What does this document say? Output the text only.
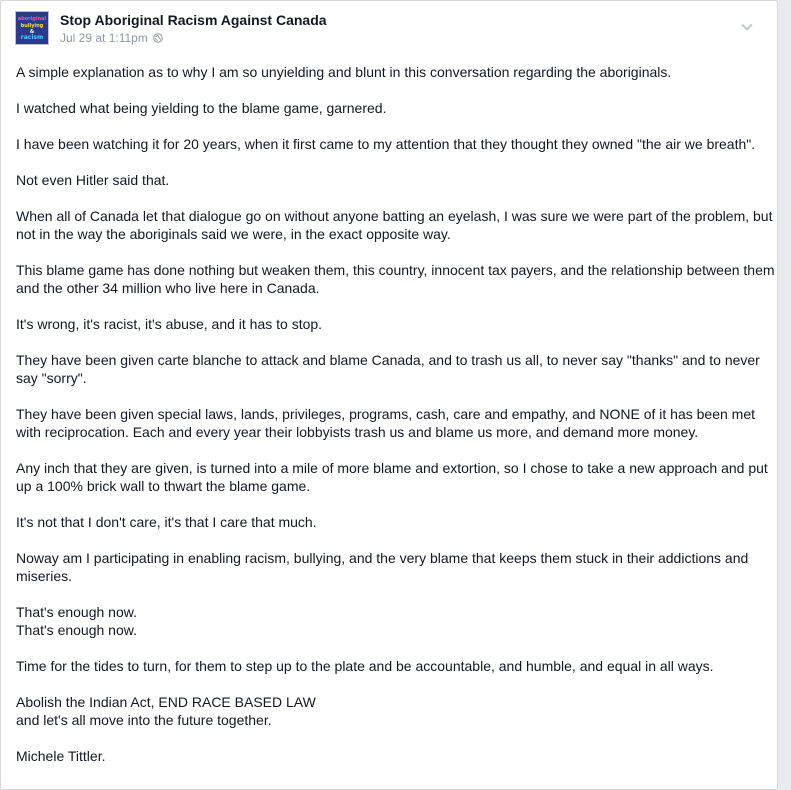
aboriginal
bullying
&
racism
Stop Aboriginal Racism Against Canada
Jul 29 at 1:11pm

A simple explanation as to why I am so unyielding and blunt in this conversation regarding the aboriginals.

I watched what being yielding to the blame game, garnered.

I have been watching it for 20 years, when it first came to my attention that they thought they owned "the air we breath".

Not even Hitler said that.

When all of Canada let that dialogue go on without anyone batting an eyelash, I was sure we were part of the problem, but not in the way the aboriginals said we were, in the exact opposite way.

This blame game has done nothing but weaken them, this country, innocent tax payers, and the relationship between them and the other 34 million who live here in Canada.

It's wrong, it's racist, it's abuse, and it has to stop.

They have been given carte blanche to attack and blame Canada, and to trash us all, to never say "thanks" and to never say "sorry".

They have been given special laws, lands, privileges, programs, cash, care and empathy, and NONE of it has been met with reciprocation. Each and every year their lobbyists trash us and blame us more, and demand more money.

Any inch that they are given, is turned into a mile of more blame and extortion, so I chose to take a new approach and put up a 100% brick wall to thwart the blame game.

It's not that I don't care, it's that I care that much.

Noway am I participating in enabling racism, bullying, and the very blame that keeps them stuck in their addictions and miseries.

That's enough now.
That's enough now.

Time for the tides to turn, for them to step up to the plate and be accountable, and humble, and equal in all ways.

Abolish the Indian Act, END RACE BASED LAW
and let's all move into the future together.

Michele Tittler.
